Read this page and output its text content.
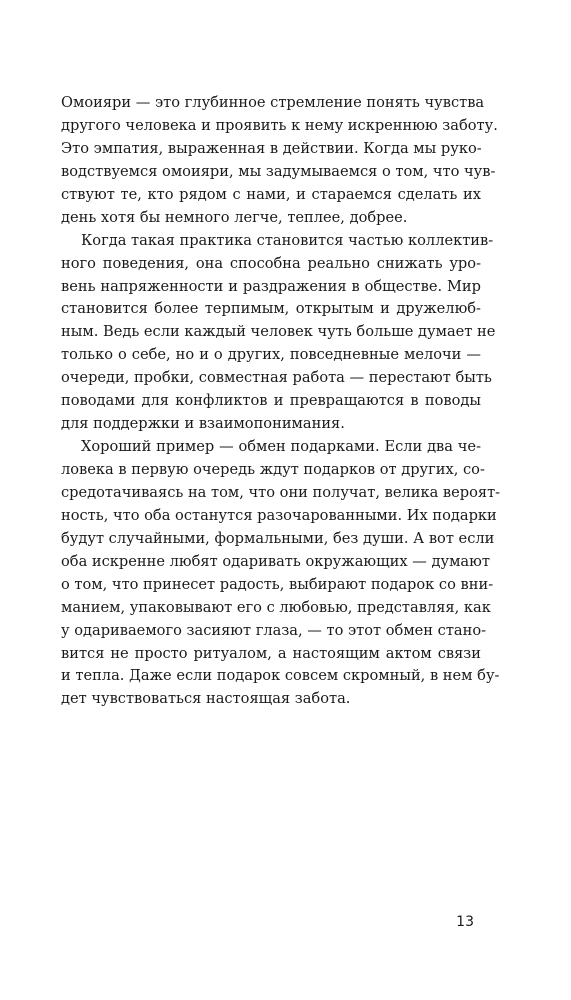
Омоияри — это глубинное стремление понять чувства
другого человека и проявить к нему искреннюю заботу.
Это эмпатия, выраженная в действии. Когда мы руко-
водствуемся омоияри, мы задумываемся о том, что чув-
ствуют те, кто рядом с нами, и стараемся сделать их
день хотя бы немного легче, теплее, добрее.
Когда такая практика становится частью коллектив-
ного поведения, она способна реально снижать уро-
вень напряженности и раздражения в обществе. Мир
становится более терпимым, открытым и дружелюб-
ным. Ведь если каждый человек чуть больше думает не
только о себе, но и о других, повседневные мелочи —
очереди, пробки, совместная работа — перестают быть
поводами для конфликтов и превращаются в поводы
для поддержки и взаимопонимания.
Хороший пример — обмен подарками. Если два че-
ловека в первую очередь ждут подарков от других, со-
средотачиваясь на том, что они получат, велика вероят-
ность, что оба останутся разочарованными. Их подарки
будут случайными, формальными, без души. А вот если
оба искренне любят одаривать окружающих — думают
о том, что принесет радость, выбирают подарок со вни-
манием, упаковывают его с любовью, представляя, как
у одариваемого засияют глаза, — то этот обмен стано-
вится не просто ритуалом, а настоящим актом связи
и тепла. Даже если подарок совсем скромный, в нем бу-
дет чувствоваться настоящая забота.
13
